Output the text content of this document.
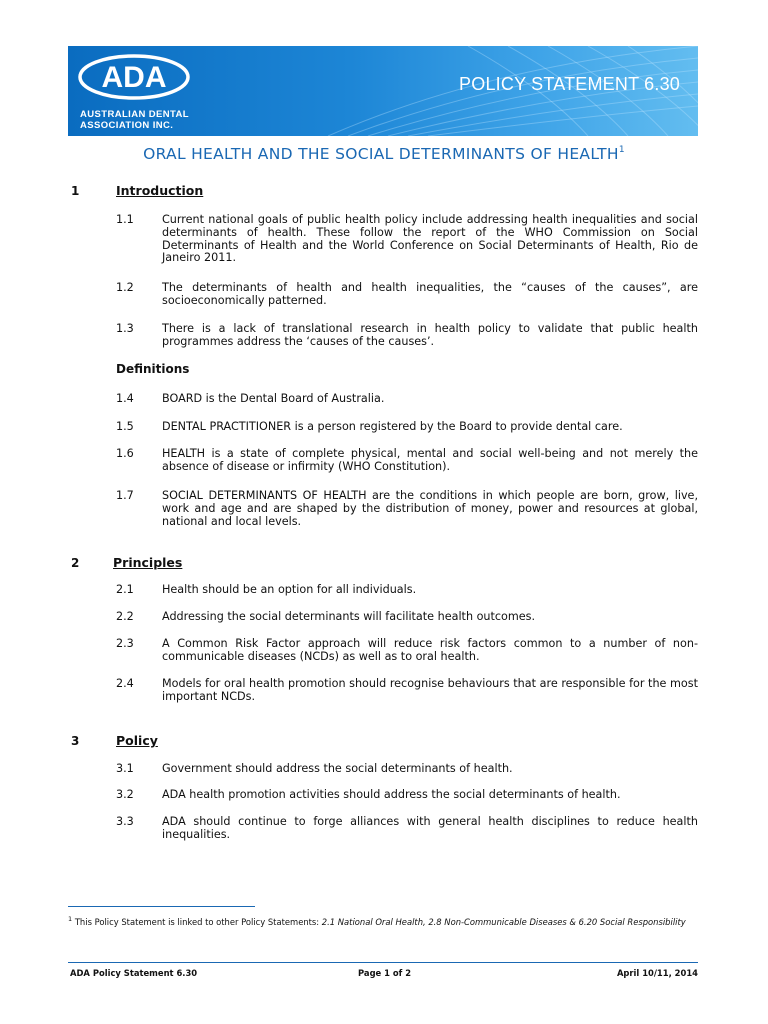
ADA
AUSTRALIAN DENTAL
ASSOCIATION INC.
POLICY STATEMENT 6.30
ORAL HEALTH AND THE SOCIAL DETERMINANTS OF HEALTH$^1$
1	Introduction
1.1	Current national goals of public health policy include addressing health inequalities and social determinants of health. These follow the report of the WHO Commission on Social Determinants of Health and the World Conference on Social Determinants of Health, Rio de Janeiro 2011.
1.2	The determinants of health and health inequalities, the “causes of the causes”, are socioeconomically patterned.
1.3	There is a lack of translational research in health policy to validate that public health programmes address the ‘causes of the causes’.
Definitions
1.4	BOARD is the Dental Board of Australia.
1.5	DENTAL PRACTITIONER is a person registered by the Board to provide dental care.
1.6	HEALTH is a state of complete physical, mental and social well-being and not merely the absence of disease or infirmity (WHO Constitution).
1.7	SOCIAL DETERMINANTS OF HEALTH are the conditions in which people are born, grow, live, work and age and are shaped by the distribution of money, power and resources at global, national and local levels.
2	Principles
2.1	Health should be an option for all individuals.
2.2	Addressing the social determinants will facilitate health outcomes.
2.3	A Common Risk Factor approach will reduce risk factors common to a number of non-communicable diseases (NCDs) as well as to oral health.
2.4	Models for oral health promotion should recognise behaviours that are responsible for the most important NCDs.
3	Policy
3.1	Government should address the social determinants of health.
3.2	ADA health promotion activities should address the social determinants of health.
3.3	ADA should continue to forge alliances with general health disciplines to reduce health inequalities.
$^1$ This Policy Statement is linked to other Policy Statements: 2.1 National Oral Health, 2.8 Non-Communicable Diseases & 6.20 Social Responsibility
ADA Policy Statement 6.30	Page 1 of 2	April 10/11, 2014
